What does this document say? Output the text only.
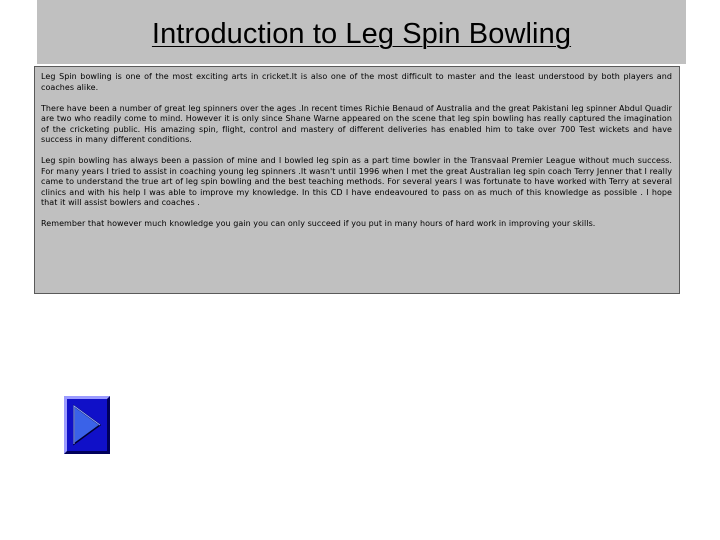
Introduction to Leg Spin Bowling

Leg Spin bowling is one of the most exciting arts in cricket.It is also one of the most difficult to master and the least understood by both players and coaches alike.

There have been a number of great leg spinners over the ages .In recent times Richie Benaud of Australia and the great Pakistani leg spinner Abdul Quadir are two who readily come to mind. However it is only since Shane Warne appeared on the scene that leg spin bowling has really captured the imagination of the cricketing public. His amazing spin, flight, control and mastery of different deliveries has enabled him to take over 700 Test wickets and have success in many different conditions.

Leg spin bowling has always been a passion of mine and I bowled leg spin as a part time bowler in the Transvaal Premier League without much success. For many years I tried to assist in coaching young leg spinners .It wasn't until 1996 when I met the great Australian leg spin coach Terry Jenner that I really came to understand the true art of leg spin bowling and the best teaching methods. For several years I was fortunate to have worked with Terry at several clinics and with his help I was able to improve my knowledge. In this CD I have endeavoured to pass on as much of this knowledge as possible . I hope that it will assist bowlers and coaches .

Remember that however much knowledge you gain you can only succeed if you put in many hours of hard work in improving your skills.
